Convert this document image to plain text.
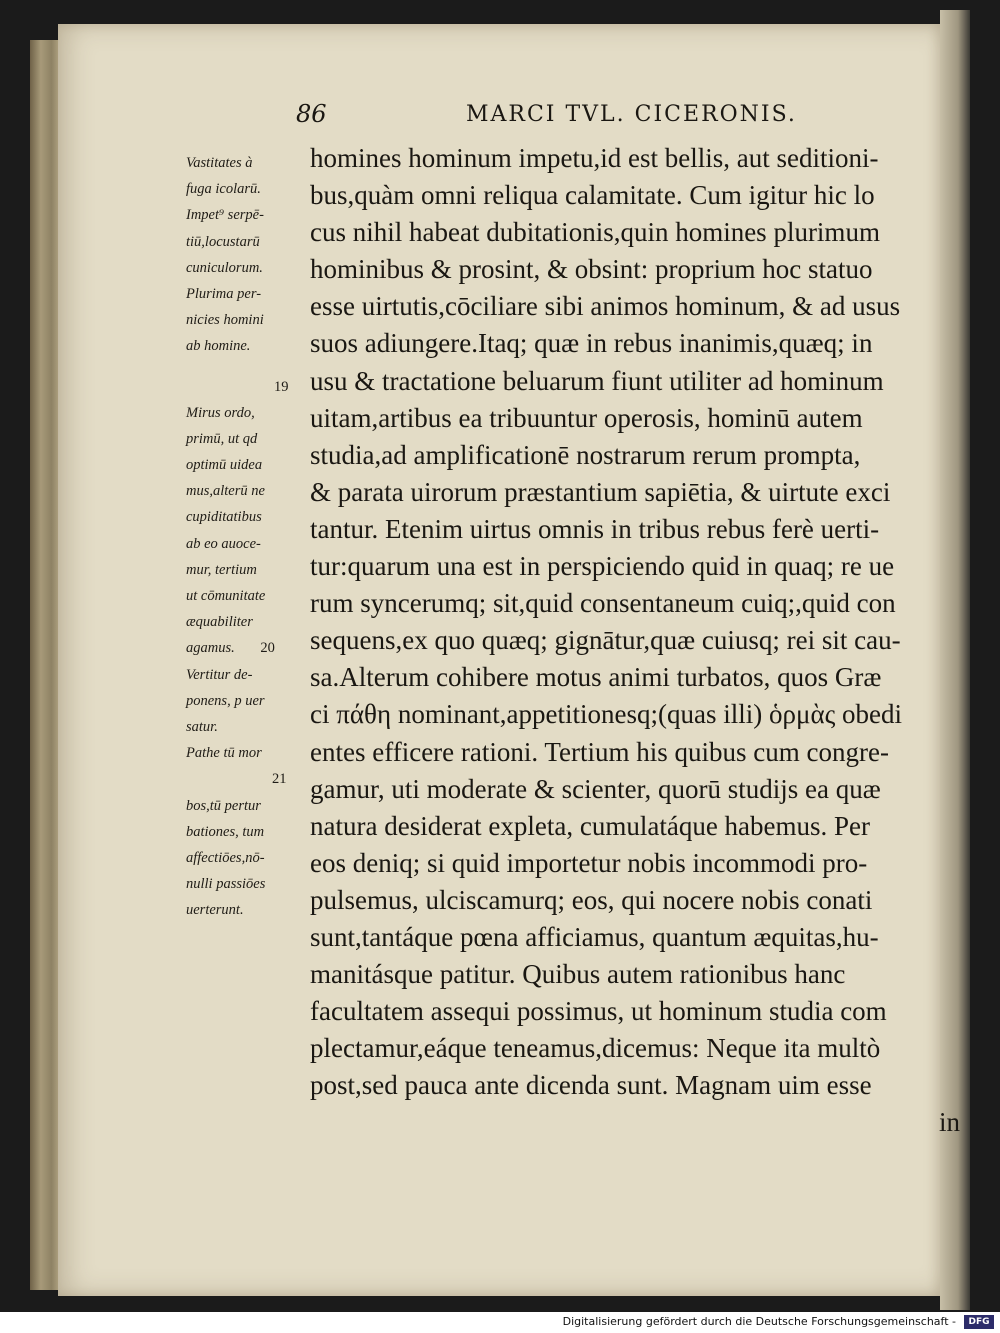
86	MARCI TVL. CICERONIS.
Vastitates à
fuga icolarū.
Impet⁹ serpē-
tiū,locustarū
cuniculorum.
Plurima per-
nicies homini
ab homine.
19
Mirus ordo,
primū, ut qd
optimū uidea
mus,alterū ne
cupiditatibus
ab eo auoce-
mur, tertium
ut cōmunitate
æquabiliter
agamus. 20
Vertitur de-
ponens, p uer
satur.
Pathe tū mor
21
bos,tū pertur
bationes, tum
affectiōes,nō-
nulli passiōes
uerterunt.
homines hominum impetu,id est bellis, aut seditioni-
bus,quàm omni reliqua calamitate. Cum igitur hic lo
cus nihil habeat dubitationis,quin homines plurimum
hominibus & prosint, & obsint: proprium hoc statuo
esse uirtutis,cōciliare sibi animos hominum, & ad usus
suos adiungere.Itaq; quæ in rebus inanimis,quæq; in
usu & tractatione beluarum fiunt utiliter ad hominum
uitam,artibus ea tribuuntur operosis, hominū autem
studia,ad amplificationē nostrarum rerum prompta,
& parata uirorum præstantium sapiētia, & uirtute exci
tantur. Etenim uirtus omnis in tribus rebus ferè uerti-
tur:quarum una est in perspiciendo quid in quaq; re ue
rum syncerumq; sit,quid consentaneum cuiq;,quid con
sequens,ex quo quæq; gignātur,quæ cuiusq; rei sit cau-
sa.Alterum cohibere motus animi turbatos, quos Græ
ci πάθη nominant,appetitionesq;(quas illi) ὁρμὰς obedi
entes efficere rationi. Tertium his quibus cum congre-
gamur, uti moderate & scienter, quorū studijs ea quæ
natura desiderat expleta, cumulatáque habemus. Per
eos deniq; si quid importetur nobis incommodi pro-
pulsemus, ulciscamurq; eos, qui nocere nobis conati
sunt,tantáque pœna afficiamus, quantum æquitas,hu-
manitásque patitur. Quibus autem rationibus hanc
facultatem assequi possimus, ut hominum studia com
plectamur,eáque teneamus,dicemus: Neque ita multò
post,sed pauca ante dicenda sunt. Magnam uim esse
in
Digitalisierung gefördert durch die Deutsche Forschungsgemeinschaft -	DFG
